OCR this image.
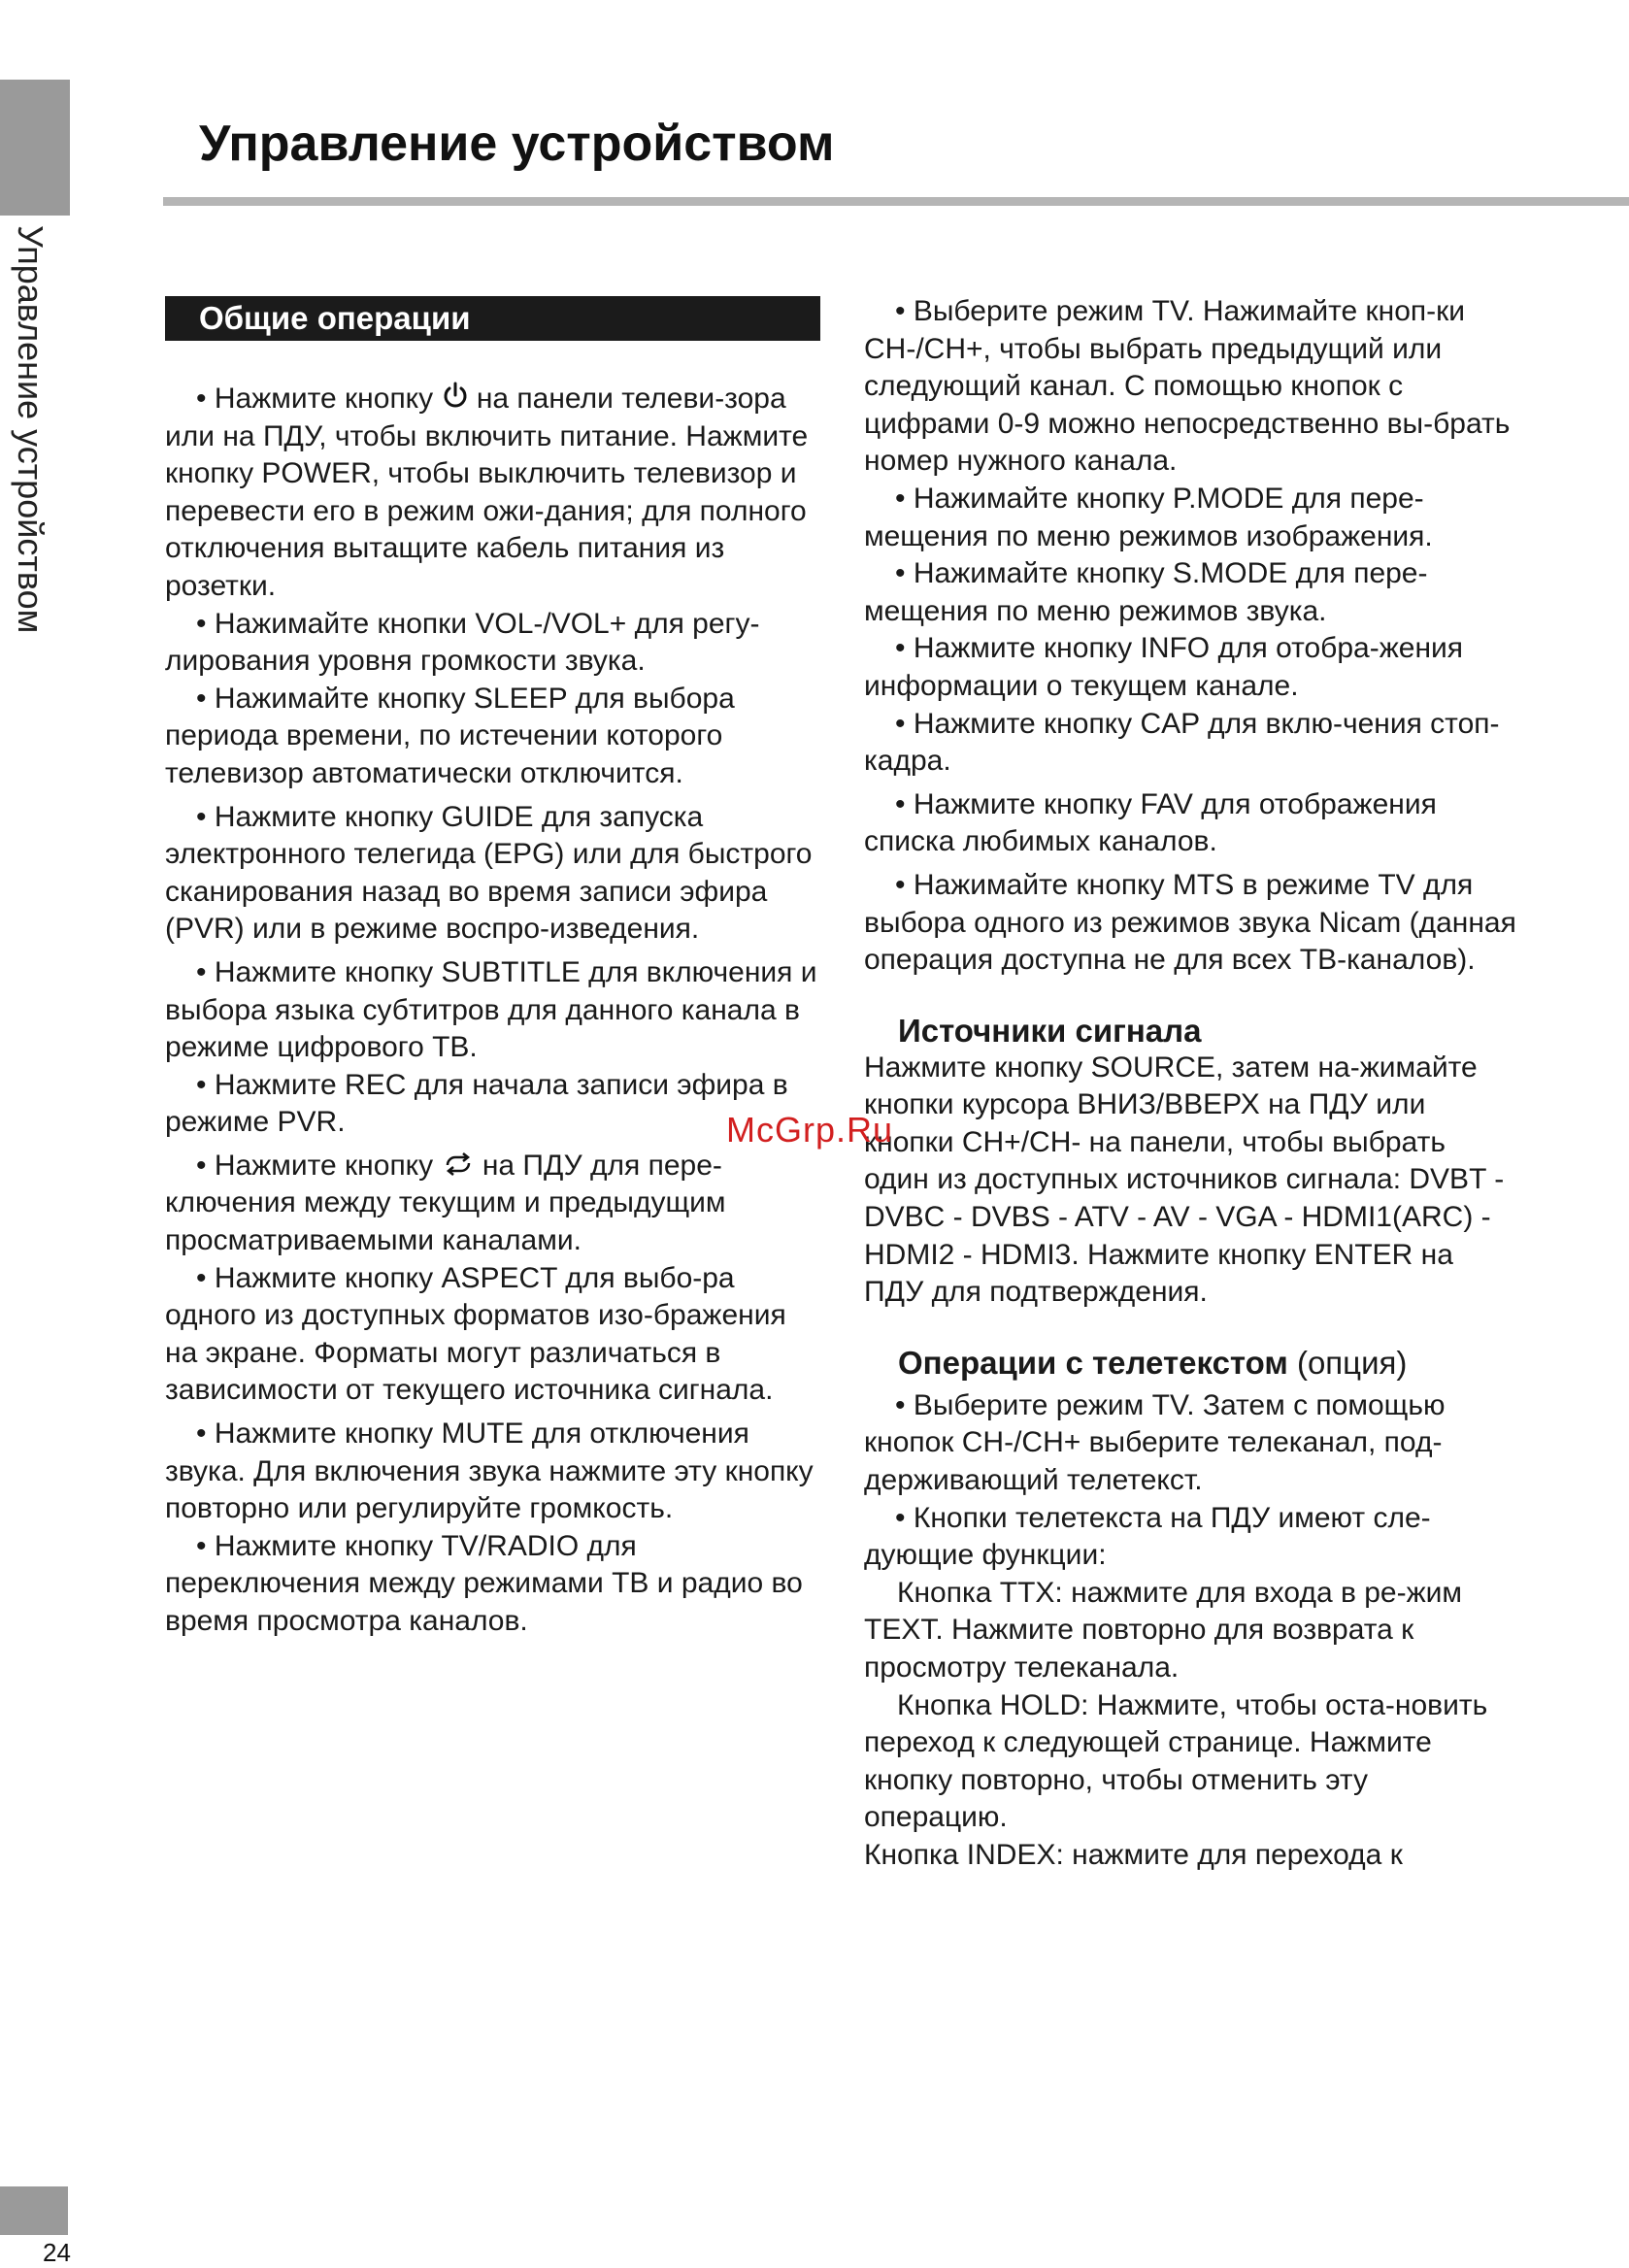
Управление устройством
Управление устройством
Общие операции

• Нажмите кнопку  на панели телеви-зора или на ПДУ, чтобы включить питание. Нажмите кнопку POWER, чтобы выключить телевизор и перевести его в режим ожи-дания; для полного отключения вытащите кабель питания из розетки.

• Нажимайте кнопки VOL-/VOL+ для регу-лирования уровня громкости звука.

• Нажимайте кнопку SLEEP для выбора периода времени, по истечении которого телевизор автоматически отключится.

• Нажмите кнопку GUIDE для запуска электронного телегида (EPG) или для быстрого сканирования назад во время записи эфира (PVR) или в режиме воспро-изведения.

• Нажмите кнопку SUBTITLE для включения и выбора языка субтитров для данного канала в режиме цифрового ТВ.

• Нажмите REC для начала записи эфира в режиме PVR.

• Нажмите кнопку  на ПДУ для пере-ключения между текущим и предыдущим просматриваемыми каналами.

• Нажмите кнопку ASPECT для выбо-ра одного из доступных форматов изо-бражения на экране. Форматы могут различаться в зависимости от текущего источника сигнала.

• Нажмите кнопку MUTE для отключения звука. Для включения звука нажмите эту кнопку повторно или регулируйте громкость.

• Нажмите кнопку TV/RADIO для переключения между режимами ТВ и радио во время просмотра каналов.

• Выберите режим TV. Нажимайте кноп-ки CH-/CH+, чтобы выбрать предыдущий или следующий канал. С помощью кнопок с цифрами 0-9 можно непосредственно вы-брать номер нужного канала.

• Нажимайте кнопку P.MODE для пере-мещения по меню режимов изображения.

• Нажимайте кнопку S.MODE для пере-мещения по меню режимов звука.

• Нажмите кнопку INFO для отобра-жения информации о текущем канале.

• Нажмите кнопку CAP для вклю-чения стоп-кадра.

• Нажмите кнопку FAV для отображения списка любимых каналов.

• Нажимайте кнопку MTS в режиме TV для выбора одного из режимов звука Nicam (данная операция доступна не для всех ТВ-каналов).

Источники сигнала

Нажмите кнопку SOURCE, затем на-жимайте кнопки курсора ВНИЗ/ВВЕРХ на ПДУ или кнопки CH+/CH- на панели, чтобы выбрать один из доступных источников сигнала: DVBT - DVBC - DVBS - ATV - AV - VGA - HDMI1(ARC) - HDMI2 - HDMI3. Нажмите кнопку ENTER на ПДУ для подтверждения.

Операции с телетекстом (опция)

• Выберите режим TV. Затем с помощью кнопок CH-/CH+ выберите телеканал, под-держивающий телетекст.

• Кнопки телетекста на ПДУ имеют сле-дующие функции:

Кнопка TTX: нажмите для входа в ре-жим TEXT. Нажмите повторно для возврата к просмотру телеканала.

Кнопка HOLD: Нажмите, чтобы оста-новить переход к следующей странице. Нажмите кнопку повторно, чтобы отменить эту операцию.

Кнопка INDEX: нажмите для перехода к

McGrp.Ru
24
